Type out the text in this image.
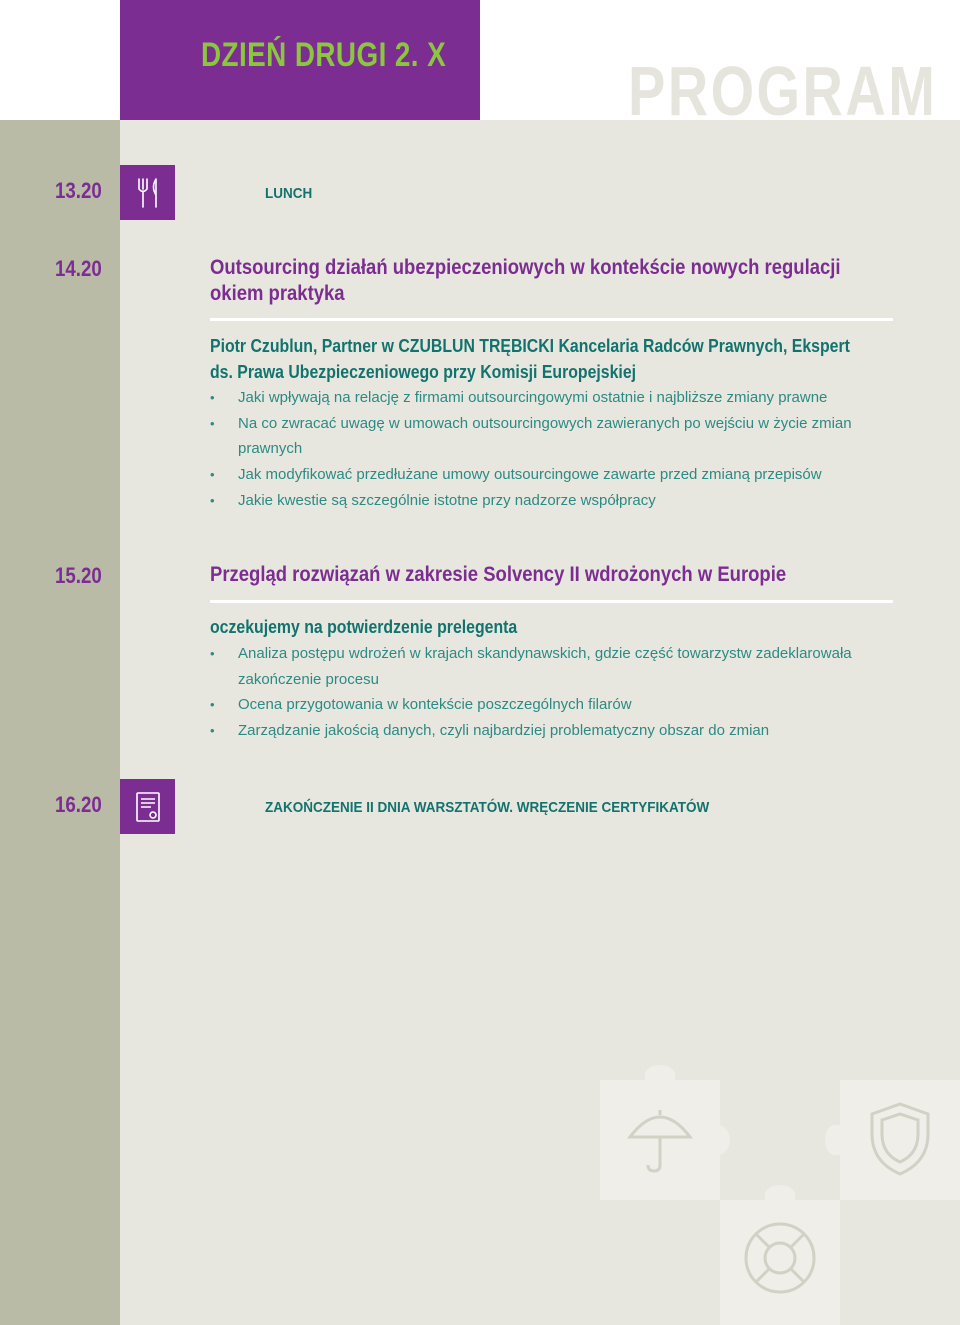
DZIEŃ DRUGI 2. X	PROGRAM
13.20	LUNCH
14.20	Outsourcing działań ubezpieczeniowych w kontekście nowych regulacji okiem praktyka
Piotr Czublun, Partner w CZUBLUN TRĘBICKI Kancelaria Radców Prawnych, Ekspert ds. Prawa Ubezpieczeniowego przy Komisji Europejskiej
• Jaki wpływają na relację z firmami outsourcingowymi ostatnie i najbliższe zmiany prawne
• Na co zwracać uwagę w umowach outsourcingowych zawieranych po wejściu w życie zmian prawnych
• Jak modyfikować przedłużane umowy outsourcingowe zawarte przed zmianą przepisów
• Jakie kwestie są szczególnie istotne przy nadzorze współpracy
15.20	Przegląd rozwiązań w zakresie Solvency II wdrożonych w Europie
oczekujemy na potwierdzenie prelegenta
• Analiza postępu wdrożeń w krajach skandynawskich, gdzie część towarzystw zadeklarowała zakończenie procesu
• Ocena przygotowania w kontekście poszczególnych filarów
• Zarządzanie jakością danych, czyli najbardziej problematyczny obszar do zmian
16.20	ZAKOŃCZENIE II DNIA WARSZTATÓW. WRĘCZENIE CERTYFIKATÓW
